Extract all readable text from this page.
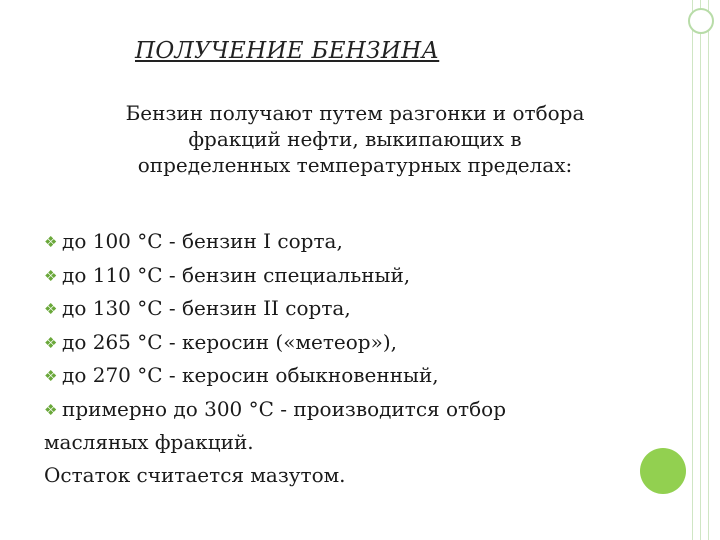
ПОЛУЧЕНИЕ БЕНЗИНА

Бензин получают путем разгонки и отбора
фракций нефти, выкипающих в
определенных температурных пределах:

❖ до 100 °С - бензин I сорта,
❖ до 110 °С - бензин специальный,
❖ до 130 °С - бензин II сорта,
❖ до 265 °С - керосин («метеор»),
❖ до 270 °С - керосин обыкновенный,
❖ примерно до 300 °С - производится отбор
масляных фракций.
Остаток считается мазутом.
